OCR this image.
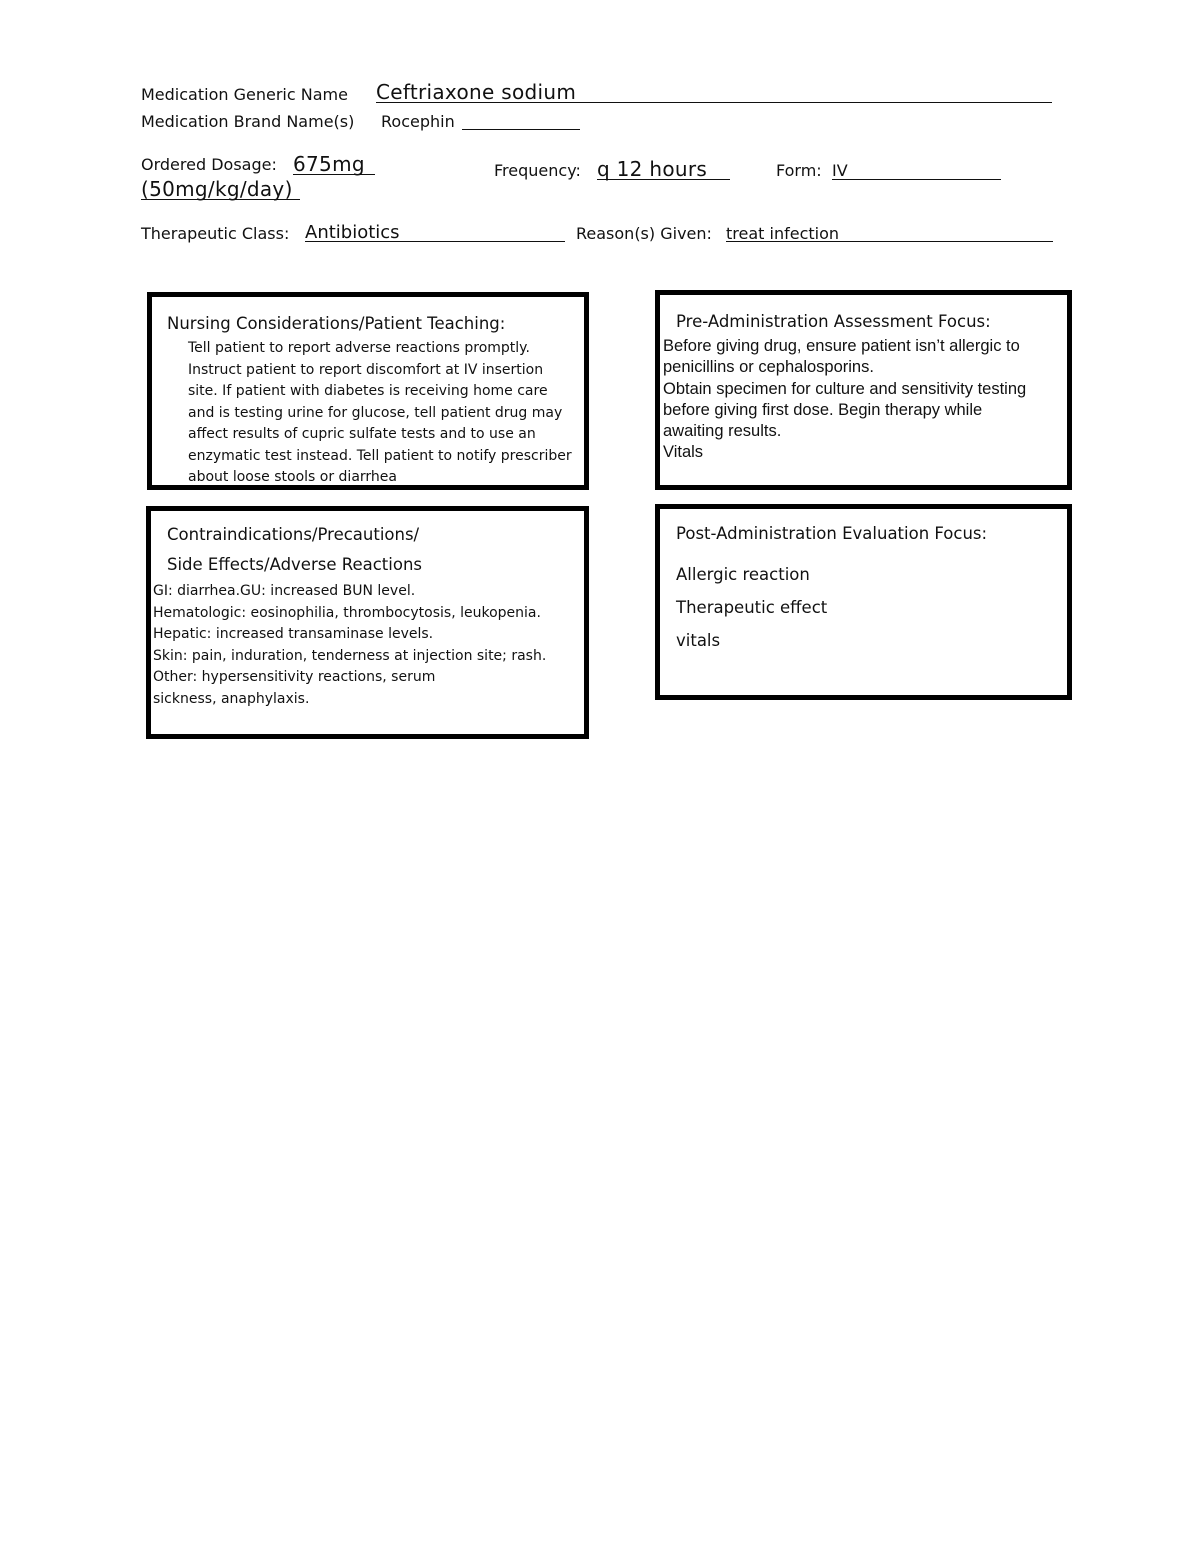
Medication Generic Name Ceftriaxone sodium
Medication Brand Name(s) Rocephin
Ordered Dosage: 675mg
(50mg/kg/day)
Frequency: q 12 hours	Form: IV
Therapeutic Class: Antibiotics	Reason(s) Given: treat infection
Nursing Considerations/Patient Teaching:
Tell patient to report adverse reactions promptly.
Instruct patient to report discomfort at IV insertion
site. If patient with diabetes is receiving home care
and is testing urine for glucose, tell patient drug may
affect results of cupric sulfate tests and to use an
enzymatic test instead. Tell patient to notify prescriber
about loose stools or diarrhea
Pre-Administration Assessment Focus:
Before giving drug, ensure patient isn’t allergic to
penicillins or cephalosporins.
Obtain specimen for culture and sensitivity testing
before giving first dose. Begin therapy while
awaiting results.
Vitals
Contraindications/Precautions/
Side Effects/Adverse Reactions
GI: diarrhea.GU: increased BUN level.
Hematologic: eosinophilia, thrombocytosis, leukopenia.
Hepatic: increased transaminase levels.
Skin: pain, induration, tenderness at injection site; rash.
Other: hypersensitivity reactions, serum
sickness, anaphylaxis.
Post-Administration Evaluation Focus:
Allergic reaction
Therapeutic effect
vitals
